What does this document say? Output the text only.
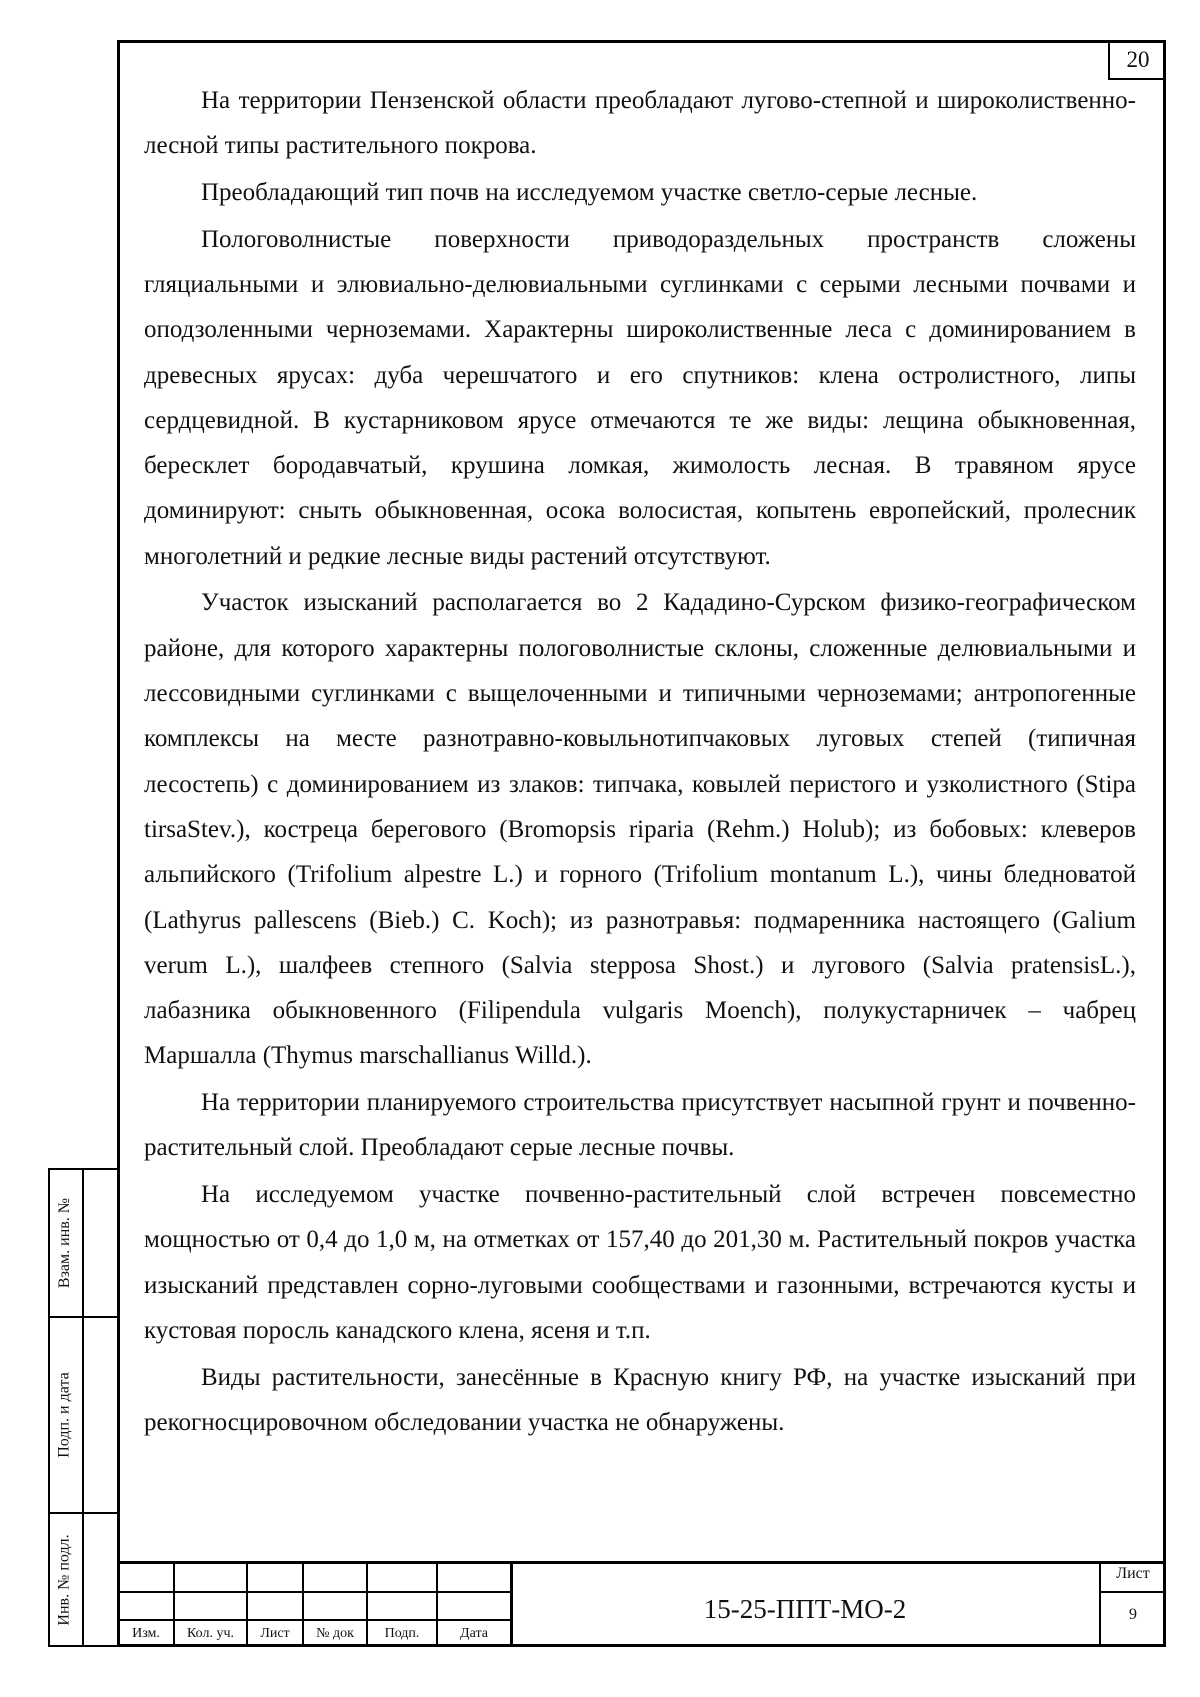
20

На территории Пензенской области преобладают лугово-степной и широколиственно-лесной типы растительного покрова.

Преобладающий тип почв на исследуемом участке светло-серые лесные.

Пологоволнистые поверхности приводораздельных пространств сложены гляциальными и элювиально-делювиальными суглинками с серыми лесными почвами и оподзоленными черноземами. Характерны широколиственные леса с доминированием в древесных ярусах: дуба черешчатого и его спутников: клена остролистного, липы сердцевидной. В кустарниковом ярусе отмечаются те же виды: лещина обыкновенная, бересклет бородавчатый, крушина ломкая, жимолость лесная. В травяном ярусе доминируют: сныть обыкновенная, осока волосистая, копытень европейский, пролесник многолетний и редкие лесные виды растений отсутствуют.

Участок изысканий располагается во 2 Кададино-Сурском физико-географическом районе, для которого характерны пологоволнистые склоны, сложенные делювиальными и лессовидными суглинками с выщелоченными и типичными черноземами; антропогенные комплексы на месте разнотравно-ковыльнотипчаковых луговых степей (типичная лесостепь) с доминированием из злаков: типчака, ковылей перистого и узколистного (Stipa tirsaStev.), костреца берегового (Bromopsis riparia (Rehm.) Holub); из бобовых: клеверов альпийского (Trifolium alpestre L.) и горного (Trifolium montanum L.), чины бледноватой (Lathyrus pallescens (Bieb.) C. Koch); из разнотравья: подмаренника настоящего (Galium verum L.), шалфеев степного (Salvia stepposa Shost.) и лугового (Salvia pratensisL.), лабазника обыкновенного (Filipendula vulgaris Moench), полукустарничек – чабрец Маршалла (Thymus marschallianus Willd.).

На территории планируемого строительства присутствует насыпной грунт и почвенно-растительный слой. Преобладают серые лесные почвы.

На исследуемом участке почвенно-растительный слой встречен повсеместно мощностью от 0,4 до 1,0 м, на отметках от 157,40 до 201,30 м. Растительный покров участка изысканий представлен сорно-луговыми сообществами и газонными, встречаются кусты и кустовая поросль канадского клена, ясеня и т.п.

Виды растительности, занесённые в Красную книгу РФ, на участке изысканий при рекогносцировочном обследовании участка не обнаружены.

Взам. инв. №
Подп. и дата
Инв. № подл.
Изм.	Кол. уч.	Лист	№ док	Подп.	Дата
15-25-ППТ-МО-2
Лист
9
